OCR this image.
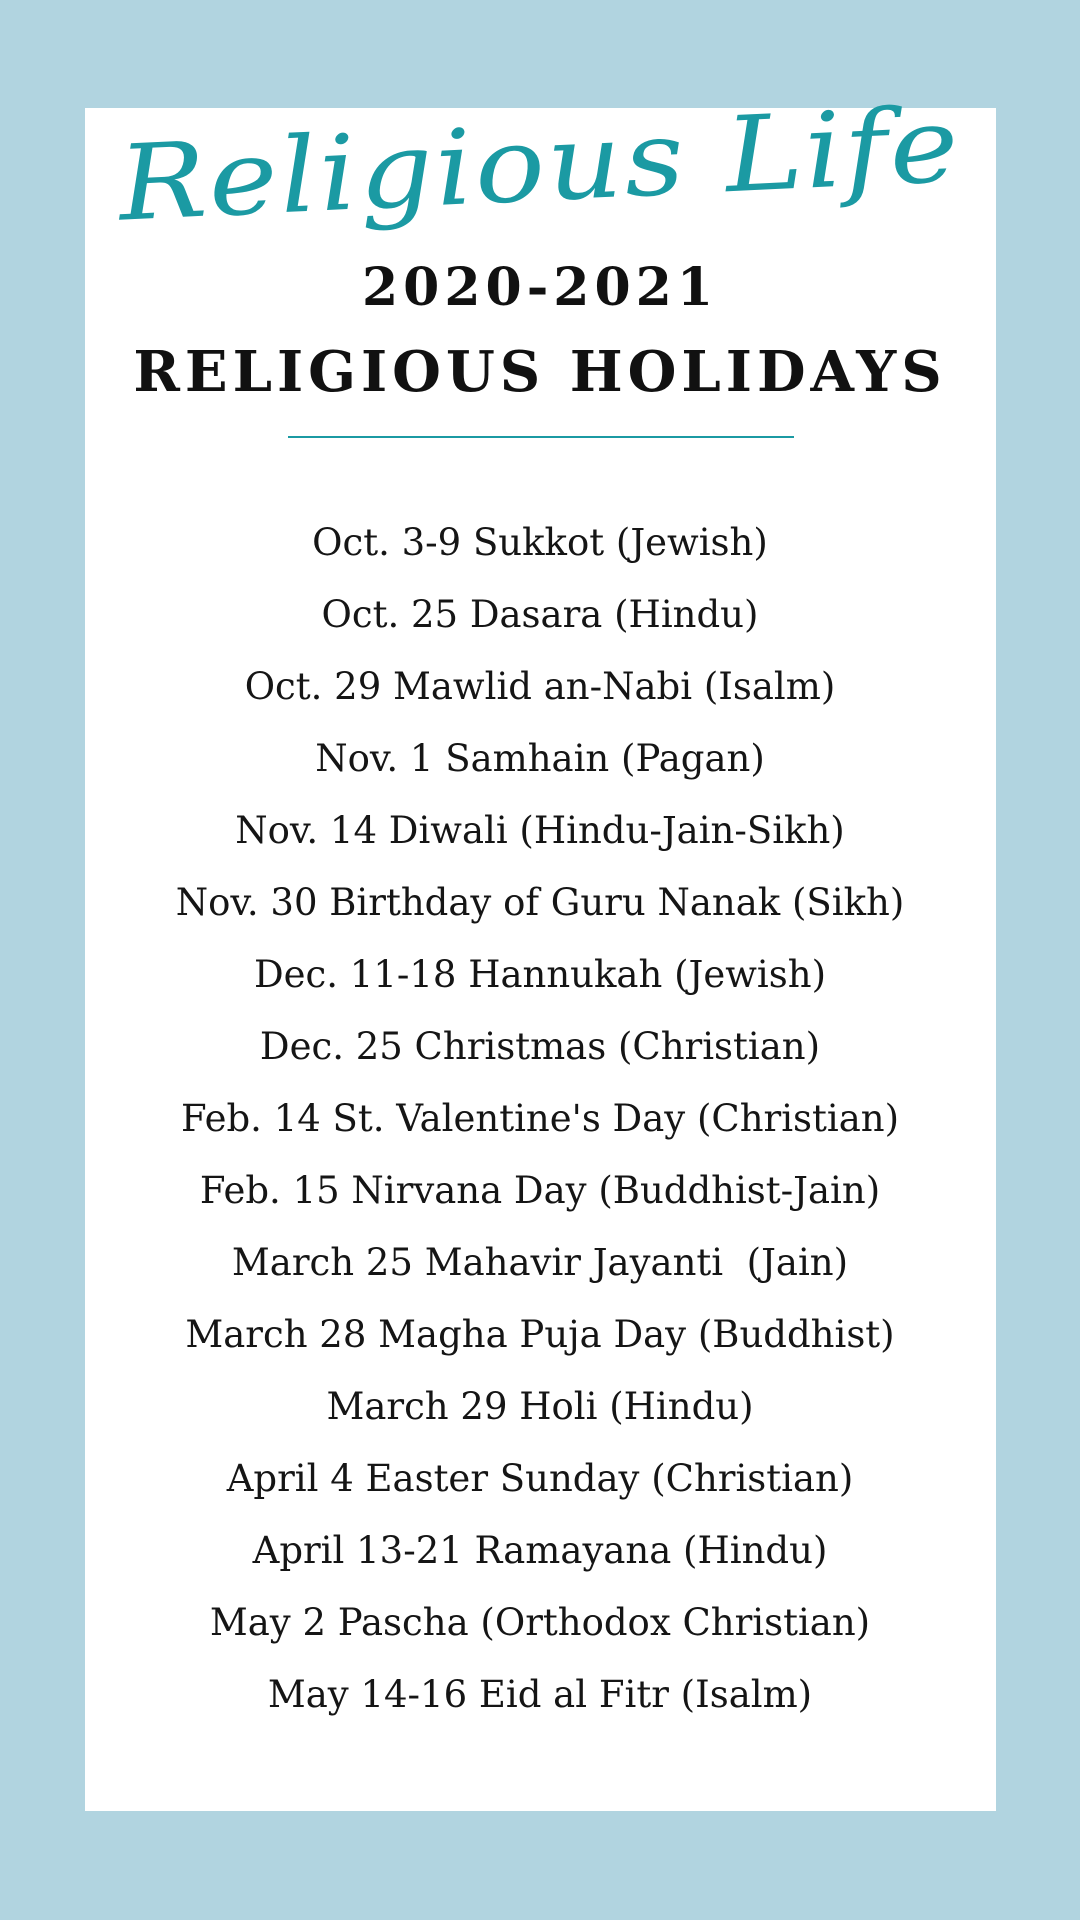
Religious Life
2020-2021
RELIGIOUS HOLIDAYS
Oct. 3-9 Sukkot (Jewish)
Oct. 25 Dasara (Hindu)
Oct. 29 Mawlid an-Nabi (Isalm)
Nov. 1 Samhain (Pagan)
Nov. 14 Diwali (Hindu-Jain-Sikh)
Nov. 30 Birthday of Guru Nanak (Sikh)
Dec. 11-18 Hannukah (Jewish)
Dec. 25 Christmas (Christian)
Feb. 14 St. Valentine's Day (Christian)
Feb. 15 Nirvana Day (Buddhist-Jain)
March 25 Mahavir Jayanti  (Jain)
March 28 Magha Puja Day (Buddhist)
March 29 Holi (Hindu)
April 4 Easter Sunday (Christian)
April 13-21 Ramayana (Hindu)
May 2 Pascha (Orthodox Christian)
May 14-16 Eid al Fitr (Isalm)
